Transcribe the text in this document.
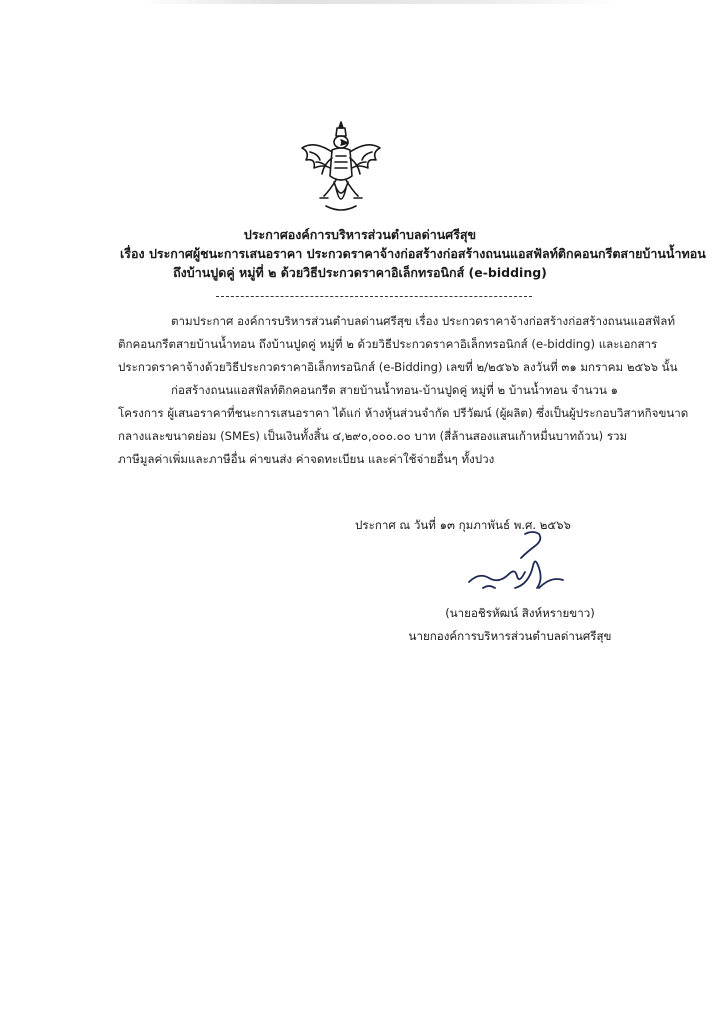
ประกาศองค์การบริหารส่วนตำบลด่านศรีสุข
เรื่อง ประกาศผู้ชนะการเสนอราคา ประกวดราคาจ้างก่อสร้างก่อสร้างถนนแอสฟัลท์ติกคอนกรีตสายบ้านน้ำทอน
ถึงบ้านปูดคู่ หมู่ที่ ๒ ด้วยวิธีประกวดราคาอิเล็กทรอนิกส์ (e-bidding)
ตามประกาศ องค์การบริหารส่วนตำบลด่านศรีสุข เรื่อง ประกวดราคาจ้างก่อสร้างก่อสร้างถนนแอสฟัลท์
ติกคอนกรีตสายบ้านน้ำทอน ถึงบ้านปูดคู่ หมู่ที่ ๒ ด้วยวิธีประกวดราคาอิเล็กทรอนิกส์ (e-bidding) และเอกสาร
ประกวดราคาจ้างด้วยวิธีประกวดราคาอิเล็กทรอนิกส์ (e-Bidding) เลขที่ ๒/๒๕๖๖ ลงวันที่ ๓๑ มกราคม ๒๕๖๖ นั้น
ก่อสร้างถนนแอสฟัลท์ติกคอนกรีต สายบ้านน้ำทอน-บ้านปูดคู่ หมู่ที่ ๒ บ้านน้ำทอน จำนวน ๑
โครงการ ผู้เสนอราคาที่ชนะการเสนอราคา ได้แก่ ห้างหุ้นส่วนจำกัด ปรีวัฒน์ (ผู้ผลิต) ซึ่งเป็นผู้ประกอบวิสาหกิจขนาด
กลางและขนาดย่อม (SMEs) เป็นเงินทั้งสิ้น ๔,๒๙๐,๐๐๐.๐๐ บาท (สี่ล้านสองแสนเก้าหมื่นบาทถ้วน) รวม
ภาษีมูลค่าเพิ่มและภาษีอื่น ค่าขนส่ง ค่าจดทะเบียน และค่าใช้จ่ายอื่นๆ ทั้งปวง
ประกาศ ณ วันที่ ๑๓ กุมภาพันธ์ พ.ศ. ๒๕๖๖
(นายอชิรหัฒน์ สิงห์หรายขาว)
นายกองค์การบริหารส่วนตำบลด่านศรีสุข
